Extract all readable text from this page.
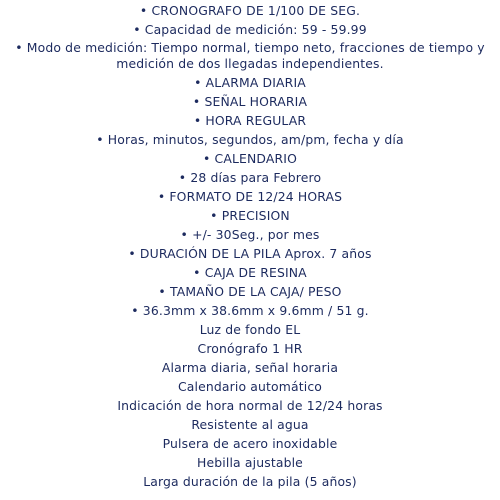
• CRONOGRAFO DE 1/100 DE SEG.
• Capacidad de medición: 59 - 59.99
• Modo de medición: Tiempo normal, tiempo neto, fracciones de tiempo y medición de dos llegadas independientes.
• ALARMA DIARIA
• SEÑAL HORARIA
• HORA REGULAR
• Horas, minutos, segundos, am/pm, fecha y día
• CALENDARIO
• 28 días para Febrero
• FORMATO DE 12/24 HORAS
• PRECISION
• +/- 30Seg., por mes
• DURACIÓN DE LA PILA Aprox. 7 años
• CAJA DE RESINA
• TAMAÑO DE LA CAJA/ PESO
• 36.3mm x 38.6mm x 9.6mm / 51 g.
Luz de fondo EL
Cronógrafo 1 HR
Alarma diaria, señal horaria
Calendario automático
Indicación de hora normal de 12/24 horas
Resistente al agua
Pulsera de acero inoxidable
Hebilla ajustable
Larga duración de la pila (5 años)
